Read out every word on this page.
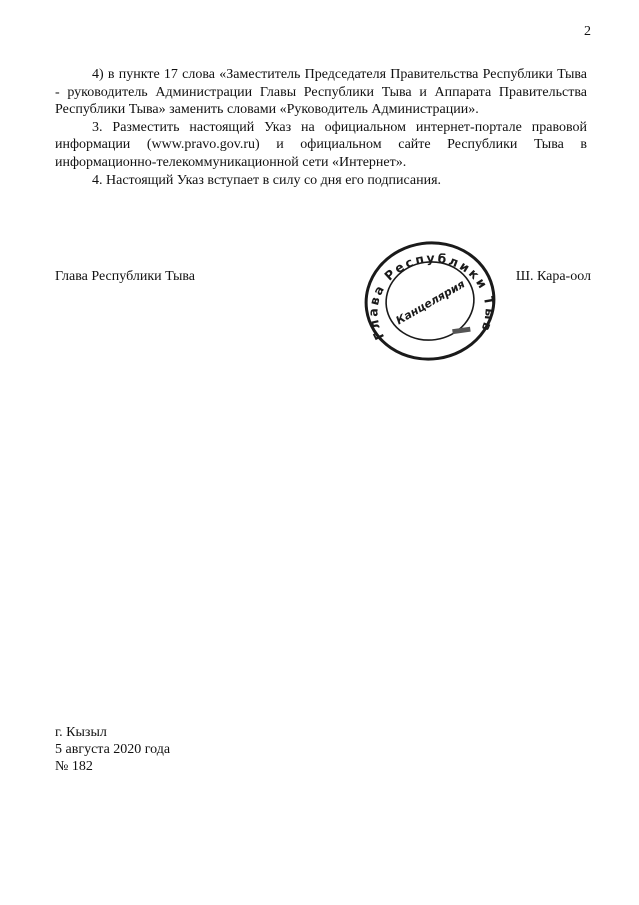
2

4) в пункте 17 слова «Заместитель Председателя Правительства Республики Тыва - руководитель Администрации Главы Республики Тыва и Аппарата Правительства Республики Тыва» заменить словами «Руководитель Администрации».

3. Разместить настоящий Указ на официальном интернет-портале правовой информации (www.pravo.gov.ru) и официальном сайте Республики Тыва в информационно-телекоммуникационной сети «Интернет».

4. Настоящий Указ вступает в силу со дня его подписания.

Глава Республики Тыва
Глава Республики Тыва
Канцелярия
Ш. Кара-оол
г. Кызыл
5 августа 2020 года
№ 182
